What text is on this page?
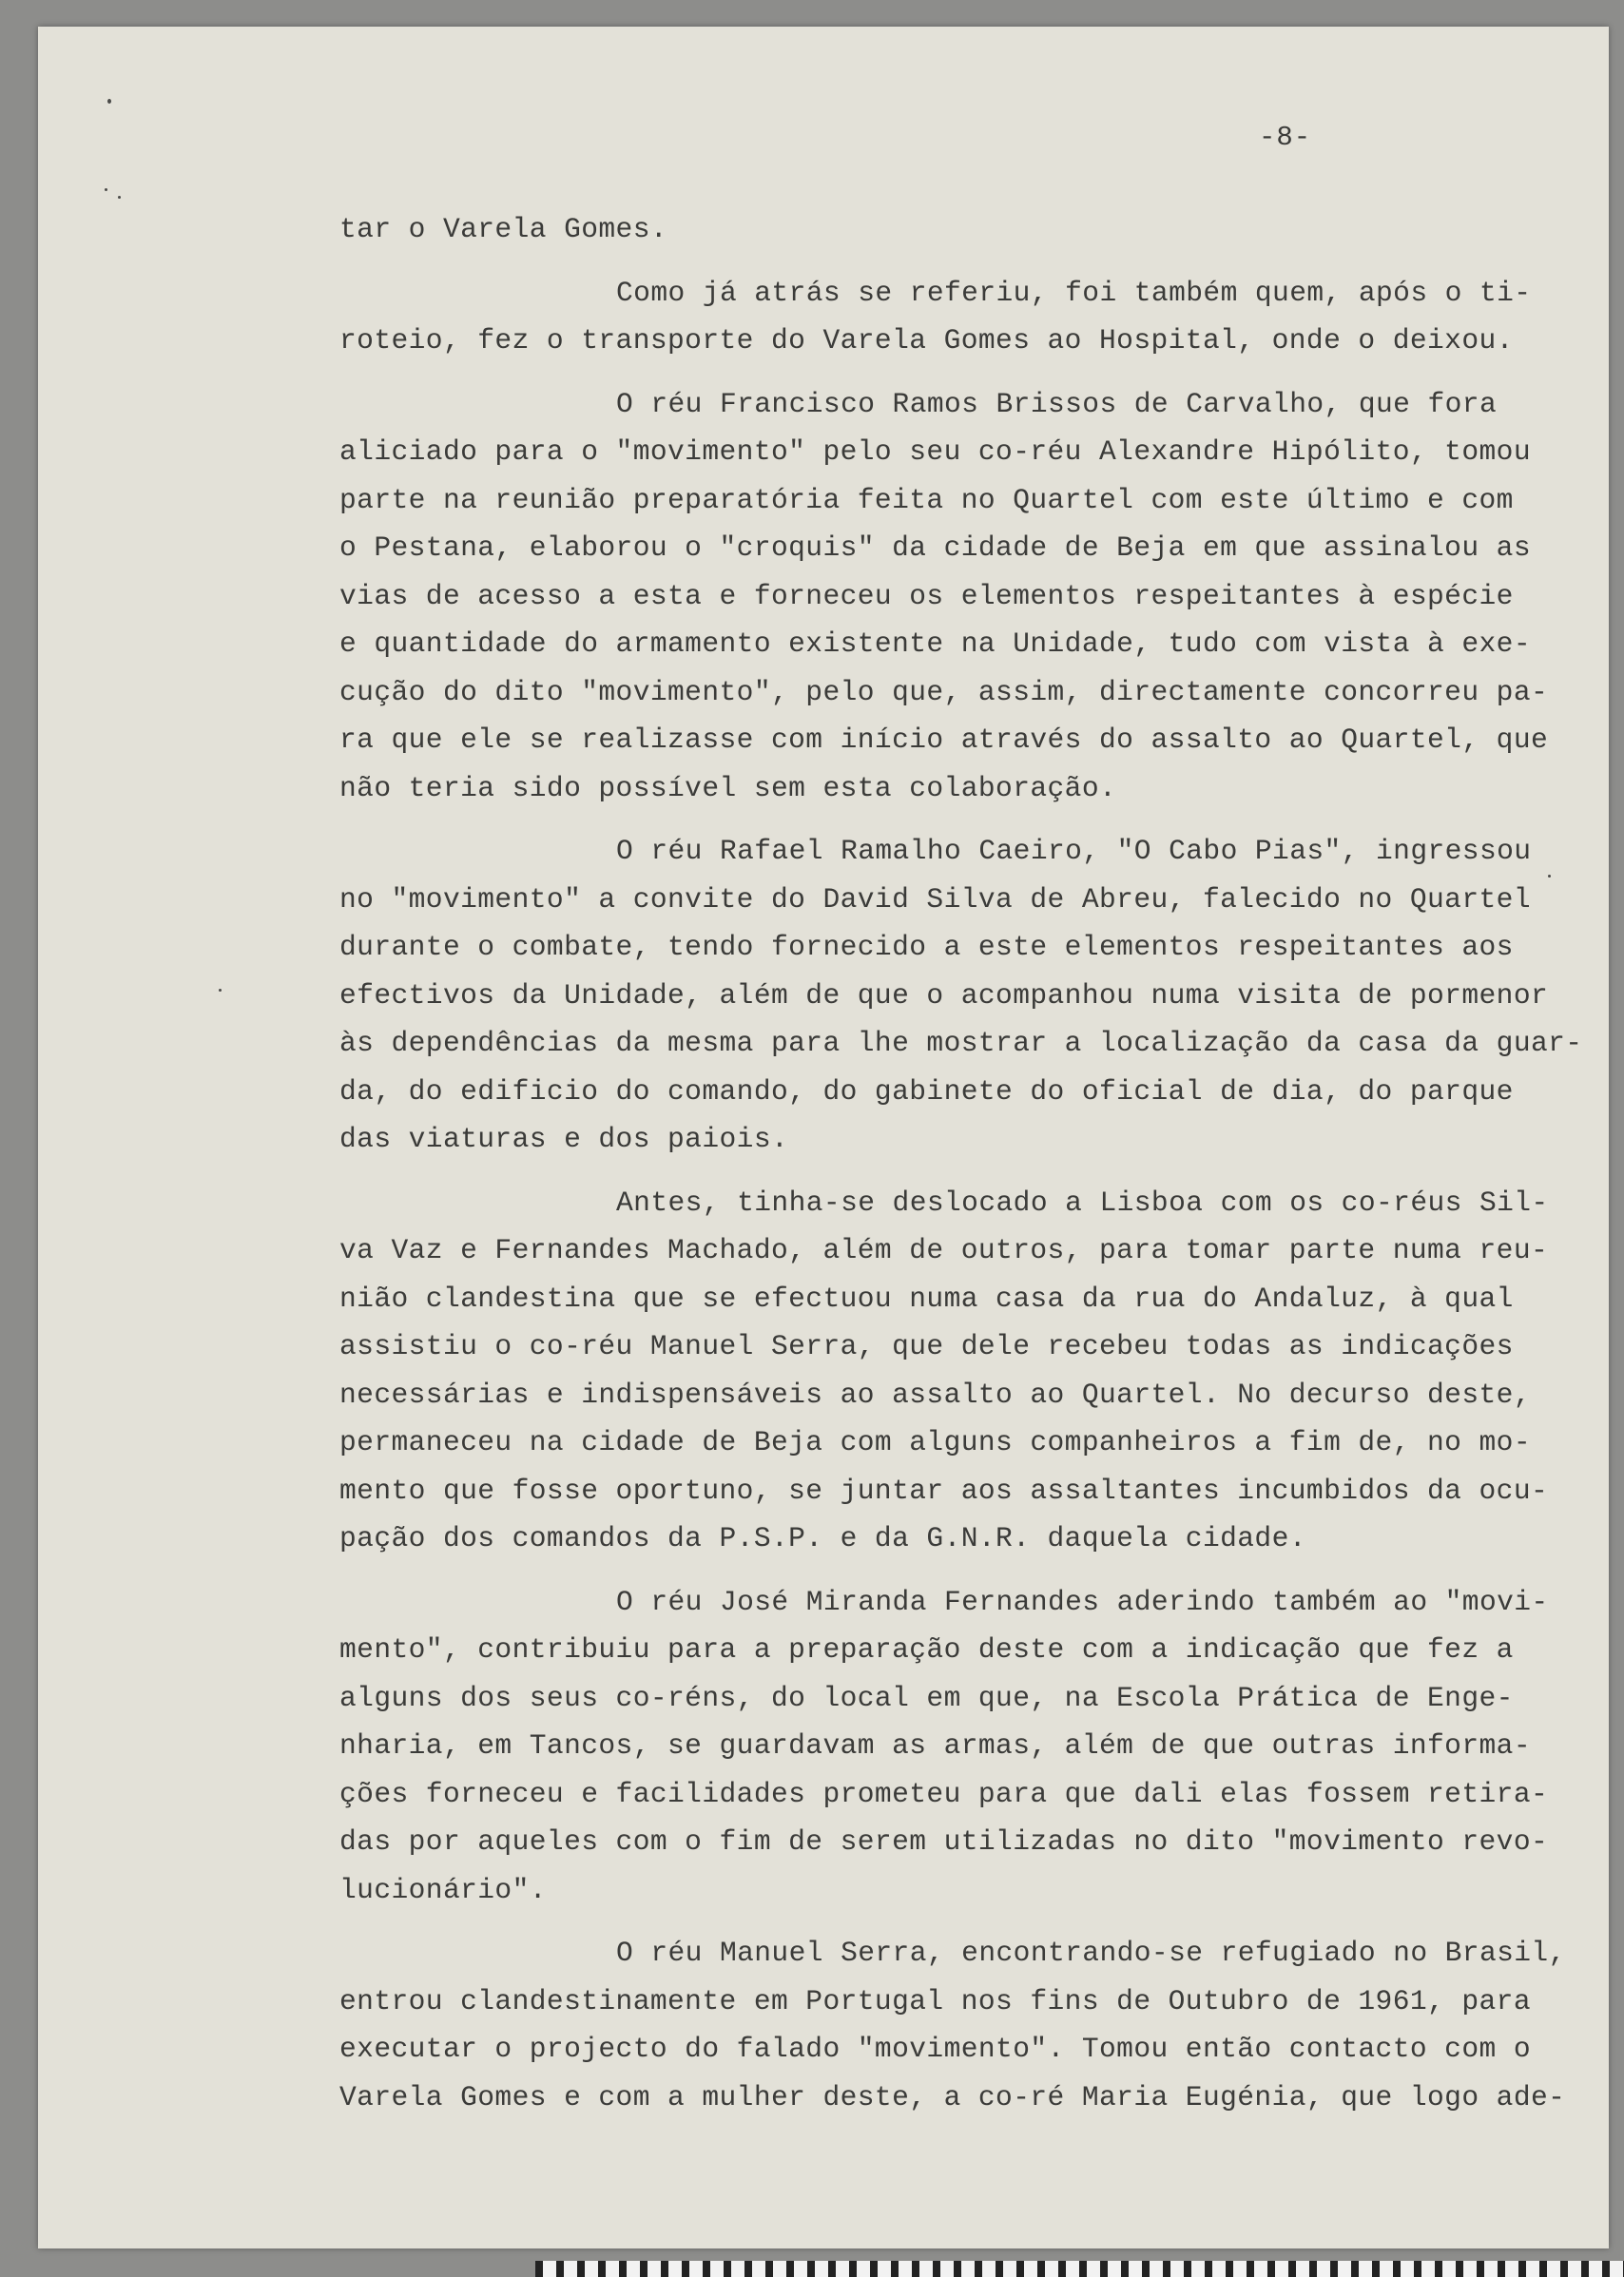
-8-
tar o Varela Gomes.
Como já atrás se referiu, foi também quem, após o ti-
roteio, fez o transporte do Varela Gomes ao Hospital, onde o deixou.
O réu Francisco Ramos Brissos de Carvalho, que fora
aliciado para o "movimento" pelo seu co-réu Alexandre Hipólito, tomou
parte na reunião preparatória feita no Quartel com este último e com
o Pestana, elaborou o "croquis" da cidade de Beja em que assinalou as
vias de acesso a esta e forneceu os elementos respeitantes à espécie
e quantidade do armamento existente na Unidade, tudo com vista à exe-
cução do dito "movimento", pelo que, assim, directamente concorreu pa-
ra que ele se realizasse com início através do assalto ao Quartel, que
não teria sido possível sem esta colaboração.
O réu Rafael Ramalho Caeiro, "O Cabo Pias", ingressou
no "movimento" a convite do David Silva de Abreu, falecido no Quartel
durante o combate, tendo fornecido a este elementos respeitantes aos
efectivos da Unidade, além de que o acompanhou numa visita de pormenor
às dependências da mesma para lhe mostrar a localização da casa da guar-
da, do edificio do comando, do gabinete do oficial de dia, do parque
das viaturas e dos paiois.
Antes, tinha-se deslocado a Lisboa com os co-réus Sil-
va Vaz e Fernandes Machado, além de outros, para tomar parte numa reu-
nião clandestina que se efectuou numa casa da rua do Andaluz, à qual
assistiu o co-réu Manuel Serra, que dele recebeu todas as indicações
necessárias e indispensáveis ao assalto ao Quartel. No decurso deste,
permaneceu na cidade de Beja com alguns companheiros a fim de, no mo-
mento que fosse oportuno, se juntar aos assaltantes incumbidos da ocu-
pação dos comandos da P.S.P. e da G.N.R. daquela cidade.
O réu José Miranda Fernandes aderindo também ao "movi-
mento", contribuiu para a preparação deste com a indicação que fez a
alguns dos seus co-réns, do local em que, na Escola Prática de Enge-
nharia, em Tancos, se guardavam as armas, além de que outras informa-
ções forneceu e facilidades prometeu para que dali elas fossem retira-
das por aqueles com o fim de serem utilizadas no dito "movimento revo-
lucionário".
O réu Manuel Serra, encontrando-se refugiado no Brasil,
entrou clandestinamente em Portugal nos fins de Outubro de 1961, para
executar o projecto do falado "movimento". Tomou então contacto com o
Varela Gomes e com a mulher deste, a co-ré Maria Eugénia, que logo ade-
